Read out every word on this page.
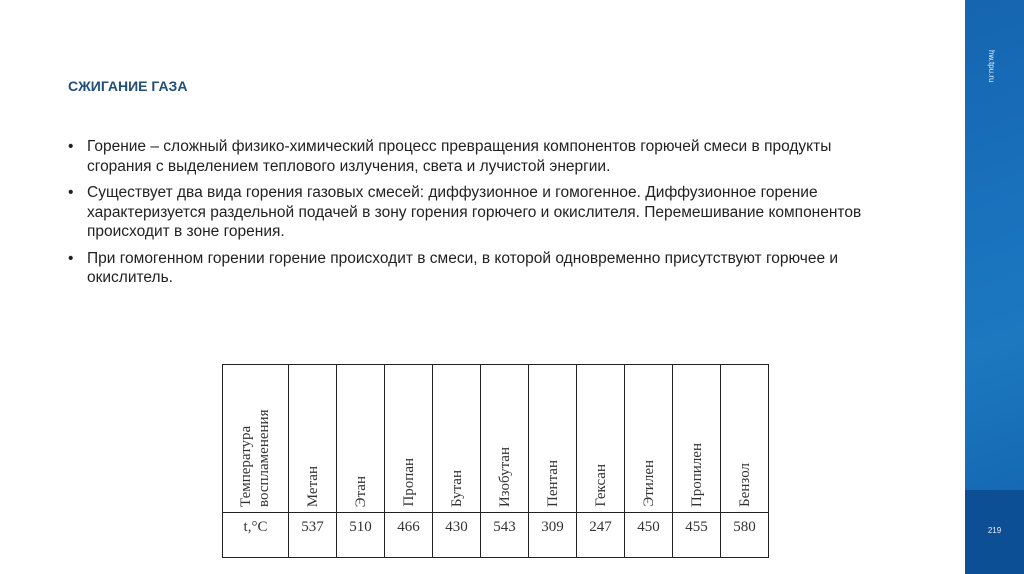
СЖИГАНИЕ ГАЗА
• Горение – сложный физико-химический процесс превращения компонентов горючей смеси в продукты сгорания с выделением теплового излучения, света и лучистой энергии.
• Существует два вида горения газовых смесей: диффузионное и гомогенное. Диффузионное горение характеризуется раздельной подачей в зону горения горючего и окислителя. Перемешивание компонентов происходит в зоне горения.
• При гомогенном горении горение происходит в смеси, в которой одновременно присутствуют горючее и окислитель.
Температура воспламенения	Метан	Этан	Пропан	Бутан	Изобутан	Пентан	Гексан	Этилен	Пропилен	Бензол
t,°C	537	510	466	430	543	309	247	450	455	580
hw.tpu.ru
219
